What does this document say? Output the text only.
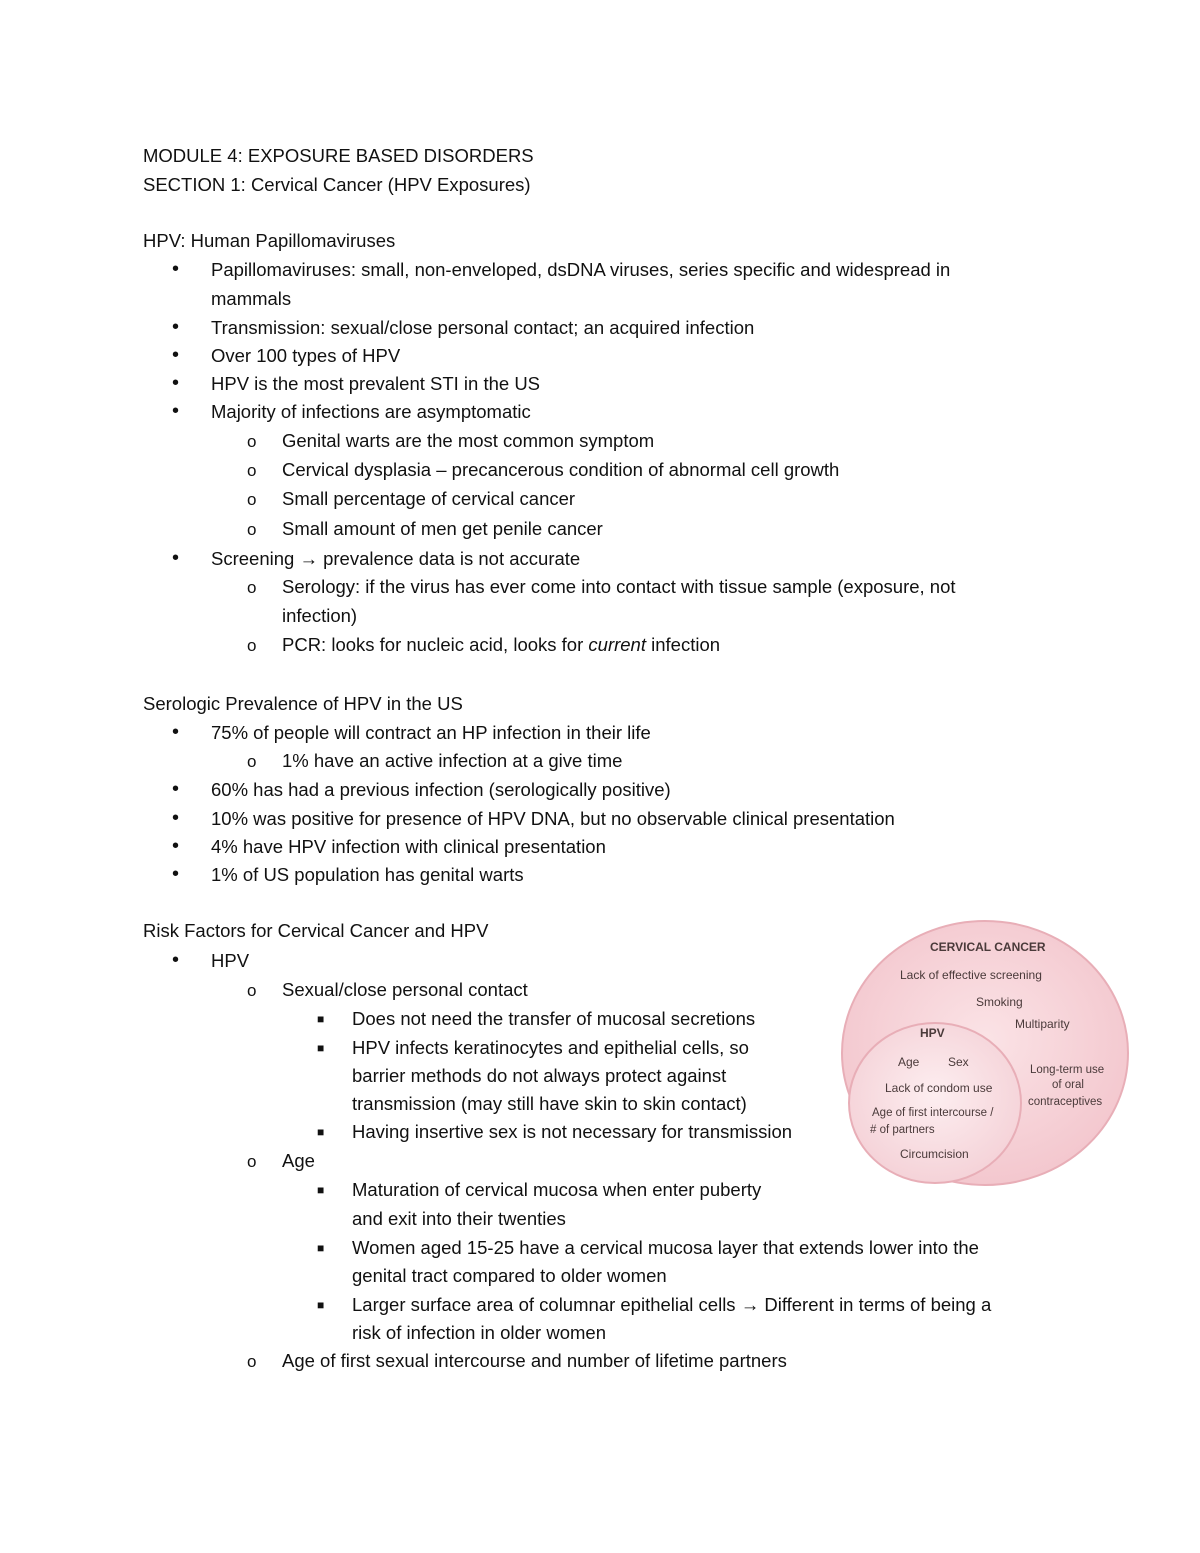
MODULE 4: EXPOSURE BASED DISORDERS
SECTION 1: Cervical Cancer (HPV Exposures)
HPV: Human Papillomaviruses
• Papillomaviruses: small, non-enveloped, dsDNA viruses, series specific and widespread in
mammals
• Transmission: sexual/close personal contact; an acquired infection
• Over 100 types of HPV
• HPV is the most prevalent STI in the US
• Majority of infections are asymptomatic
o Genital warts are the most common symptom
o Cervical dysplasia – precancerous condition of abnormal cell growth
o Small percentage of cervical cancer
o Small amount of men get penile cancer
• Screening → prevalence data is not accurate
o Serology: if the virus has ever come into contact with tissue sample (exposure, not
infection)
o PCR: looks for nucleic acid, looks for current infection
Serologic Prevalence of HPV in the US
• 75% of people will contract an HP infection in their life
o 1% have an active infection at a give time
• 60% has had a previous infection (serologically positive)
• 10% was positive for presence of HPV DNA, but no observable clinical presentation
• 4% have HPV infection with clinical presentation
• 1% of US population has genital warts
Risk Factors for Cervical Cancer and HPV
• HPV
o Sexual/close personal contact
■ Does not need the transfer of mucosal secretions
■ HPV infects keratinocytes and epithelial cells, so
barrier methods do not always protect against
transmission (may still have skin to skin contact)
■ Having insertive sex is not necessary for transmission
o Age
■ Maturation of cervical mucosa when enter puberty
and exit into their twenties
■ Women aged 15-25 have a cervical mucosa layer that extends lower into the
genital tract compared to older women
■ Larger surface area of columnar epithelial cells → Different in terms of being a
risk of infection in older women
o Age of first sexual intercourse and number of lifetime partners
CERVICAL CANCER
Lack of effective screening
Smoking
Multiparity
Long-term use
of oral
contraceptives
HPV
Age Sex
Lack of condom use
Age of first intercourse /
# of partners
Circumcision
